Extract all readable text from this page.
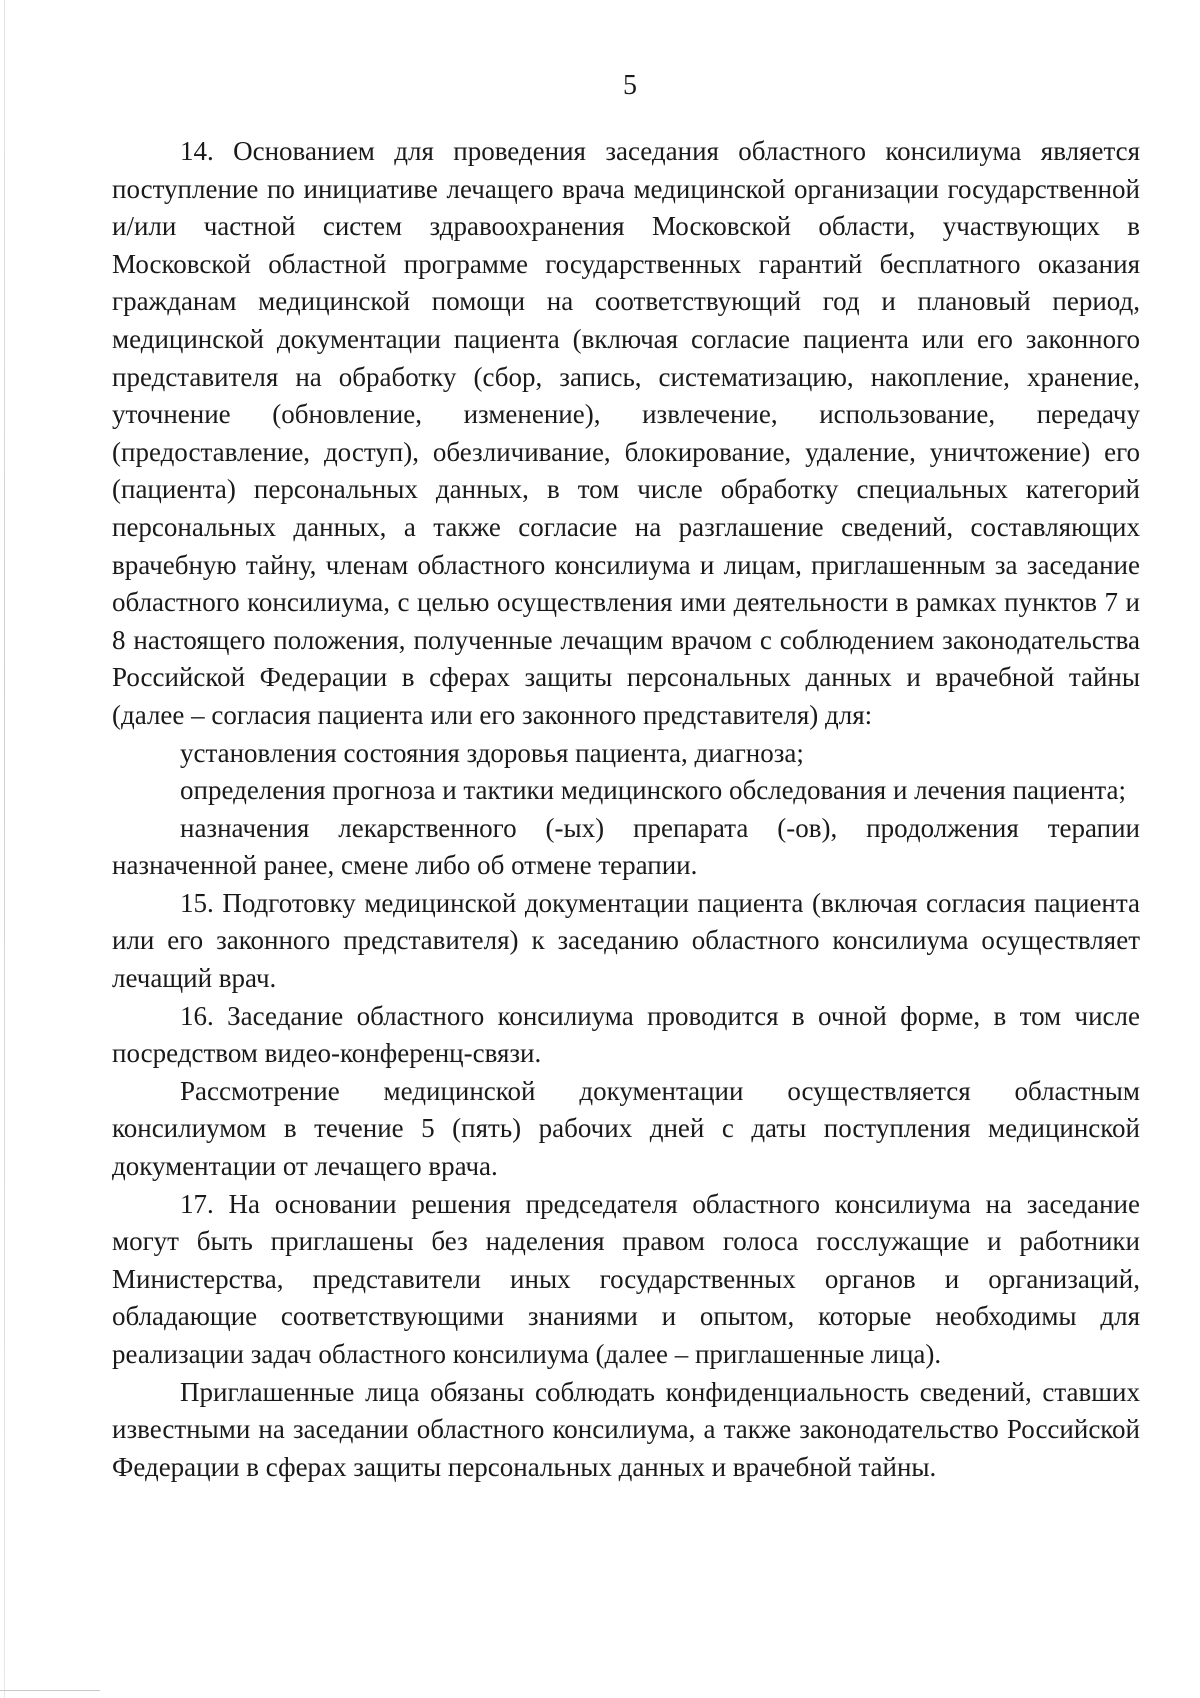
5

14. Основанием для проведения заседания областного консилиума является поступление по инициативе лечащего врача медицинской организации государственной и/или частной систем здравоохранения Московской области, участвующих в Московской областной программе государственных гарантий бесплатного оказания гражданам медицинской помощи на соответствующий год и плановый период, медицинской документации пациента (включая согласие пациента или его законного представителя на обработку (сбор, запись, систематизацию, накопление, хранение, уточнение (обновление, изменение), извлечение, использование, передачу (предоставление, доступ), обезличивание, блокирование, удаление, уничтожение) его (пациента) персональных данных, в том числе обработку специальных категорий персональных данных, а также согласие на разглашение сведений, составляющих врачебную тайну, членам областного консилиума и лицам, приглашенным за заседание областного консилиума, с целью осуществления ими деятельности в рамках пунктов 7 и 8 настоящего положения, полученные лечащим врачом с соблюдением законодательства Российской Федерации в сферах защиты персональных данных и врачебной тайны (далее – согласия пациента или его законного представителя) для:

установления состояния здоровья пациента, диагноза;

определения прогноза и тактики медицинского обследования и лечения пациента;

назначения лекарственного (-ых) препарата (-ов), продолжения терапии назначенной ранее, смене либо об отмене терапии.

15. Подготовку медицинской документации пациента (включая согласия пациента или его законного представителя) к заседанию областного консилиума осуществляет лечащий врач.

16. Заседание областного консилиума проводится в очной форме, в том числе посредством видео-конференц-связи.

Рассмотрение медицинской документации осуществляется областным консилиумом в течение 5 (пять) рабочих дней с даты поступления медицинской документации от лечащего врача.

17. На основании решения председателя областного консилиума на заседание могут быть приглашены без наделения правом голоса госслужащие и работники Министерства, представители иных государственных органов и организаций, обладающие соответствующими знаниями и опытом, которые необходимы для реализации задач областного консилиума (далее – приглашенные лица).

Приглашенные лица обязаны соблюдать конфиденциальность сведений, ставших известными на заседании областного консилиума, а также законодательство Российской Федерации в сферах защиты персональных данных и врачебной тайны.
